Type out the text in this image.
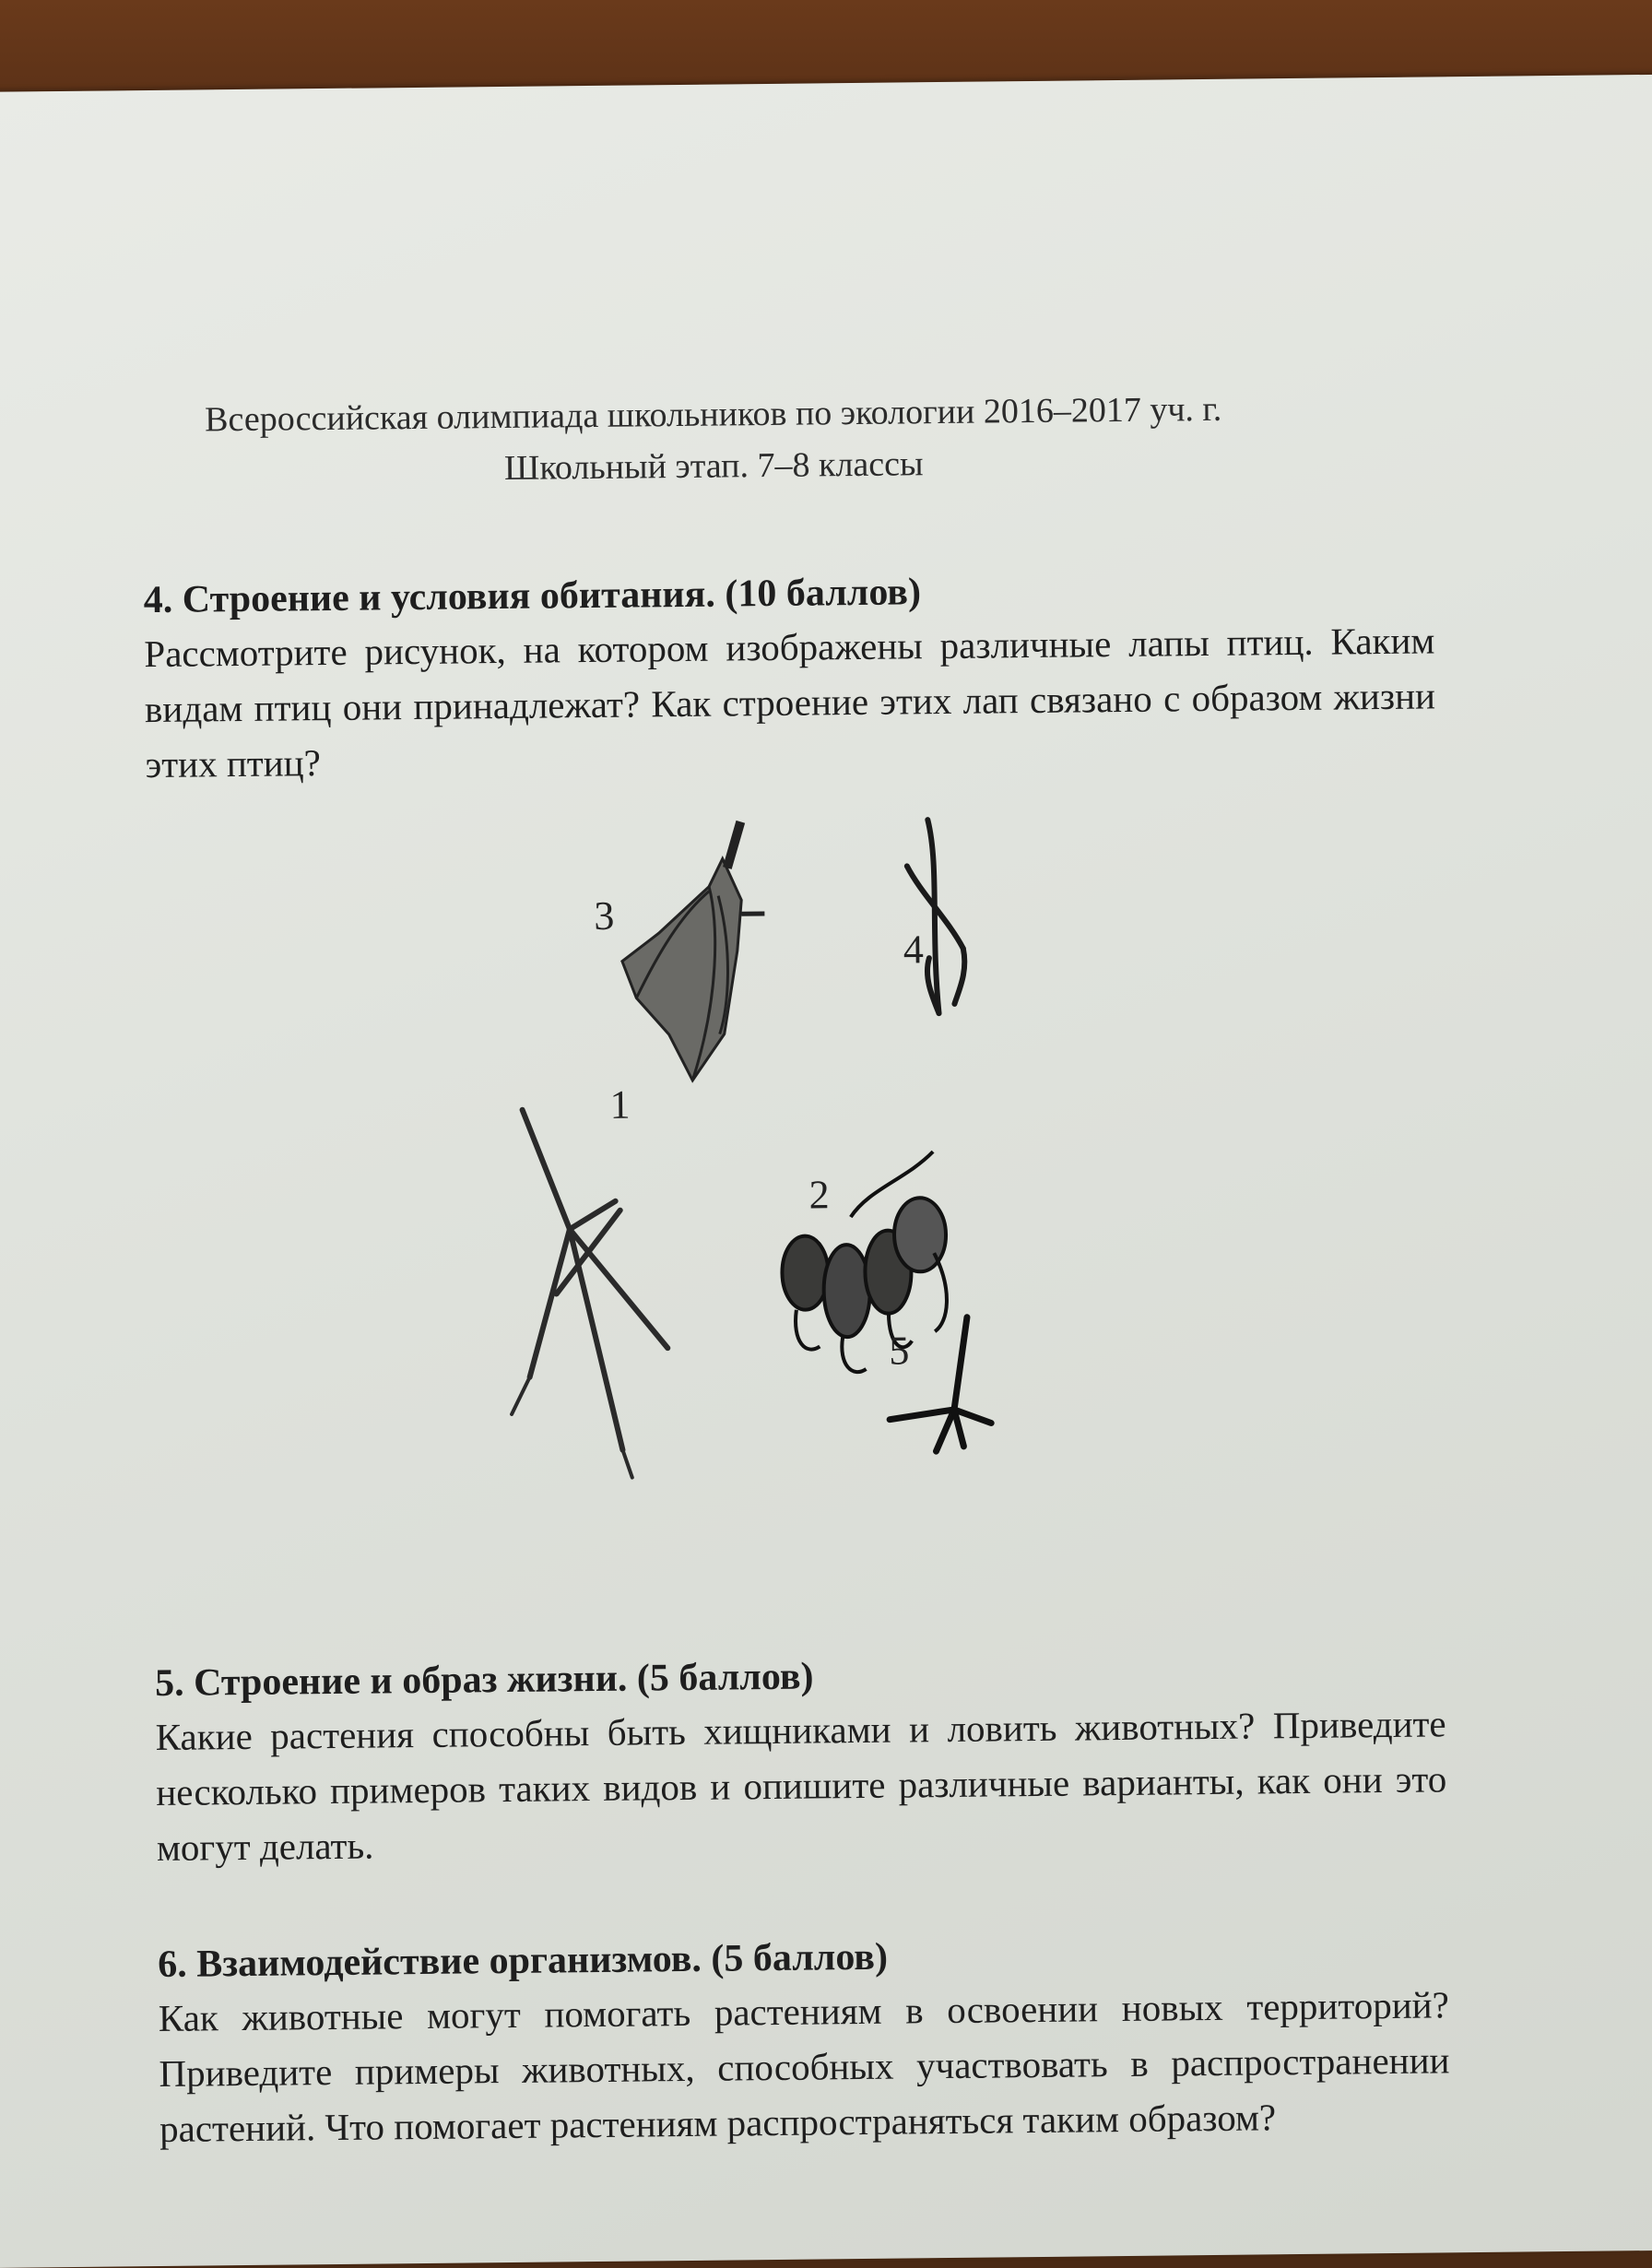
Всероссийская олимпиада школьников по экологии 2016–2017 уч. г.
Школьный этап. 7–8 классы
4. Строение и условия обитания. (10 баллов)

Рассмотрите рисунок, на котором изображены различные лапы птиц. Каким видам птиц они принадлежат? Как строение этих лап связано с образом жизни этих птиц?

1
2
3
4
5
5. Строение и образ жизни. (5 баллов)

Какие растения способны быть хищниками и ловить животных? Приведите несколько примеров таких видов и опишите различные варианты, как они это могут делать.

6. Взаимодействие организмов. (5 баллов)

Как животные могут помогать растениям в освоении новых территорий? Приведите примеры животных, способных участвовать в распространении растений. Что помогает растениям распространяться таким образом?
